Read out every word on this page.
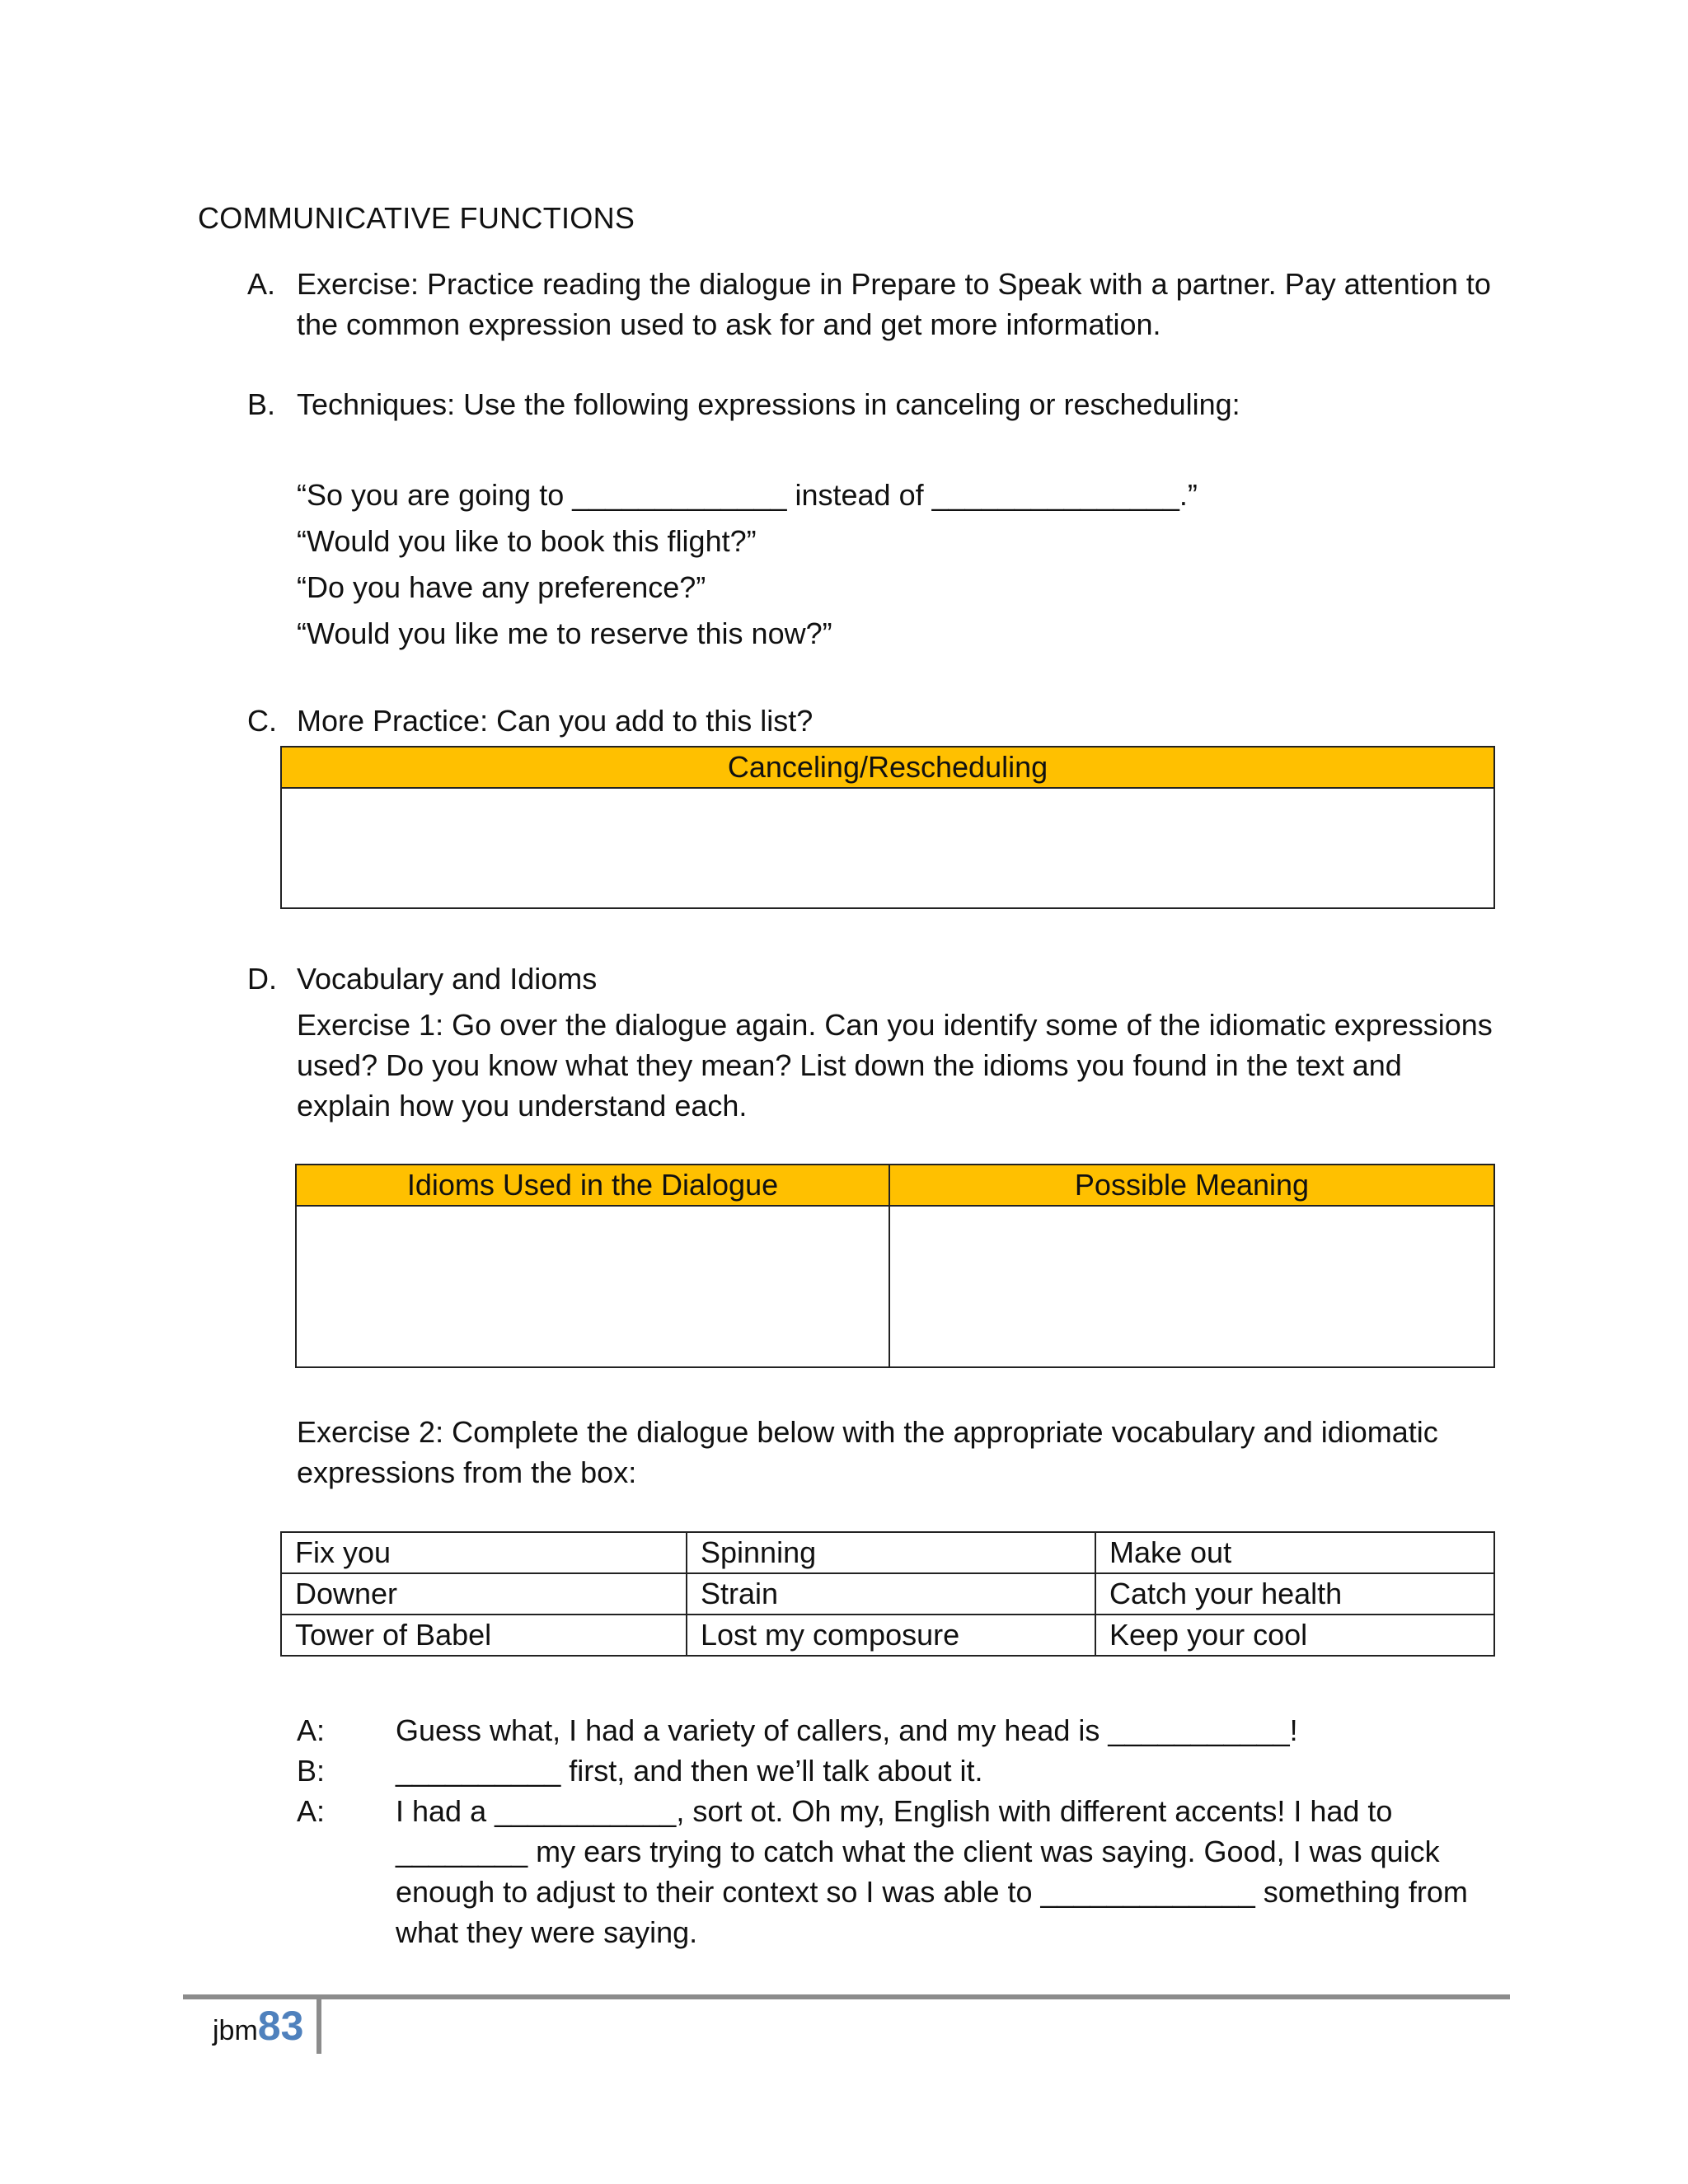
COMMUNICATIVE FUNCTIONS
A. Exercise: Practice reading the dialogue in Prepare to Speak with a partner. Pay attention to the common expression used to ask for and get more information.
B. Techniques: Use the following expressions in canceling or rescheduling:
“So you are going to _____________ instead of _______________.”
“Would you like to book this flight?”
“Do you have any preference?”
“Would you like me to reserve this now?”
C. More Practice: Can you add to this list?
Canceling/Rescheduling

D. Vocabulary and Idioms
Exercise 1: Go over the dialogue again. Can you identify some of the idiomatic expressions used? Do you know what they mean? List down the idioms you found in the text and explain how you understand each.
Idioms Used in the Dialogue	Possible Meaning

Exercise 2: Complete the dialogue below with the appropriate vocabulary and idiomatic expressions from the box:
Fix you	Spinning	Make out
Downer	Strain	Catch your health
Tower of Babel	Lost my composure	Keep your cool
A: Guess what, I had a variety of callers, and my head is ___________!
B: __________ first, and then we’ll talk about it.
A: I had a ___________, sort ot. Oh my, English with different accents! I had to ________ my ears trying to catch what the client was saying. Good, I was quick enough to adjust to their context so I was able to _____________ something from what they were saying.
jbm83
